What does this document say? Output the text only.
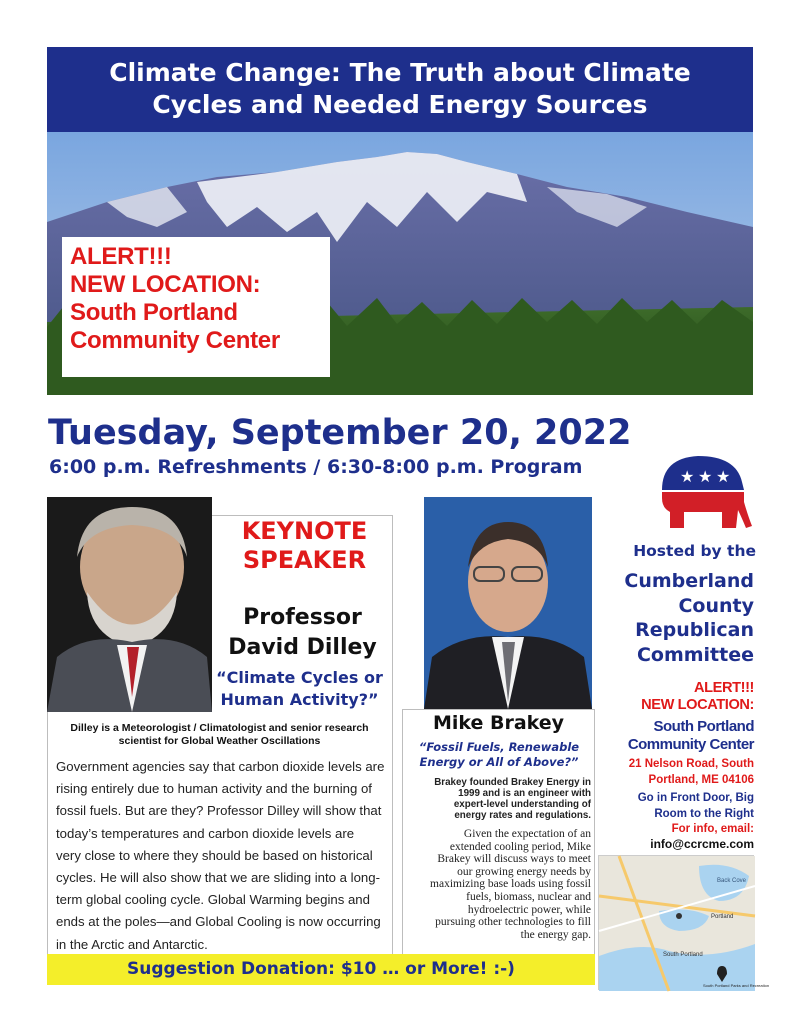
Climate Change: The Truth about Climate
Cycles and Needed Energy Sources
ALERT!!!
NEW LOCATION:
South Portland
Community Center
Tuesday, September 20, 2022
6:00 p.m. Refreshments / 6:30-8:00 p.m. Program
KEYNOTE
SPEAKER
Professor
David Dilley
“Climate Cycles or
Human Activity?”
Dilley is a Meteorologist / Climatologist and senior research
scientist for Global Weather Oscillations
Government agencies say that carbon dioxide levels are
rising entirely due to human activity and the burning of
fossil fuels. But are they? Professor Dilley will show that
today’s temperatures and carbon dioxide levels are
very close to where they should be based on historical
cycles. He will also show that we are sliding into a long-
term global cooling cycle. Global Warming begins and
ends at the poles—and Global Cooling is now occurring
in the Arctic and Antarctic.
Mike Brakey
“Fossil Fuels, Renewable
Energy or All of Above?”
Brakey founded Brakey Energy in
1999 and is an engineer with
expert-level understanding of
energy rates and regulations.
Given the expectation of an
extended cooling period, Mike
Brakey will discuss ways to meet
our growing energy needs by
maximizing base loads using fossil
fuels, biomass, nuclear and
hydroelectric power, while
pursuing other technologies to fill
the energy gap.
★ ★ ★
Hosted by the
Cumberland
County
Republican
Committee
ALERT!!!
NEW LOCATION:
South Portland
Community Center
21 Nelson Road, South
Portland, ME 04106
Go in Front Door, Big
Room to the Right
For info, email:
info@ccrcme.com
Back Cove
Portland
South Portland
South Portland Parks and Recreation
Suggestion Donation: $10 … or More! :-)
